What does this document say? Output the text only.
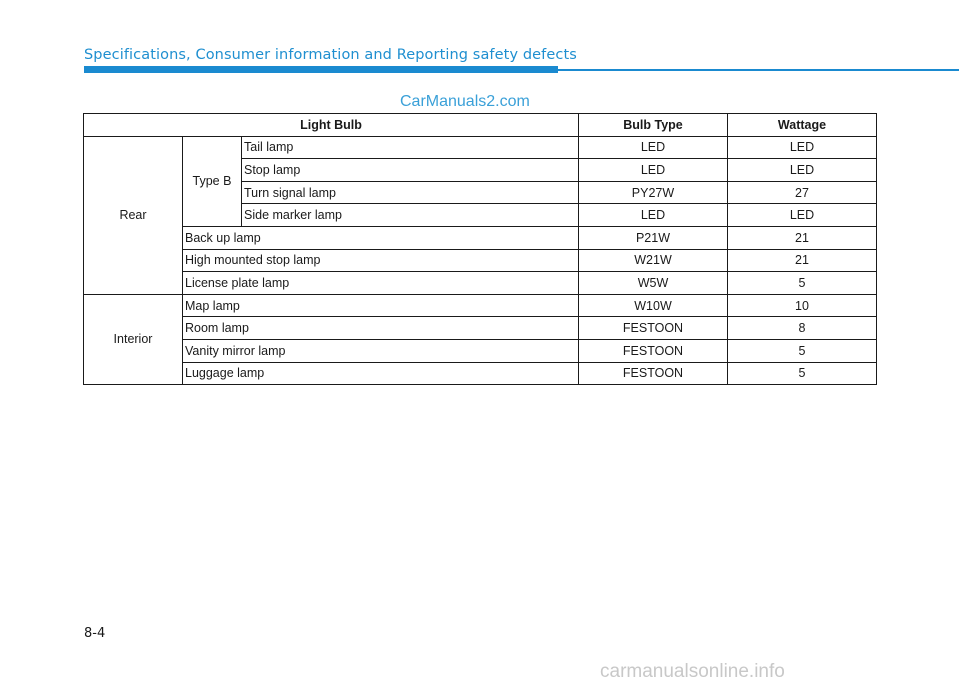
Specifications, Consumer information and Reporting safety defects
CarManuals2.com
Light Bulb			Bulb Type	Wattage
Rear	Type B	Tail lamp	LED	LED
		Stop lamp	LED	LED
		Turn signal lamp	PY27W	27
		Side marker lamp	LED	LED
	Back up lamp		P21W	21
	High mounted stop lamp		W21W	21
	License plate lamp		W5W	5
Interior	Map lamp		W10W	10
	Room lamp		FESTOON	8
	Vanity mirror lamp		FESTOON	5
	Luggage lamp		FESTOON	5
8-4
carmanualsonline.info
